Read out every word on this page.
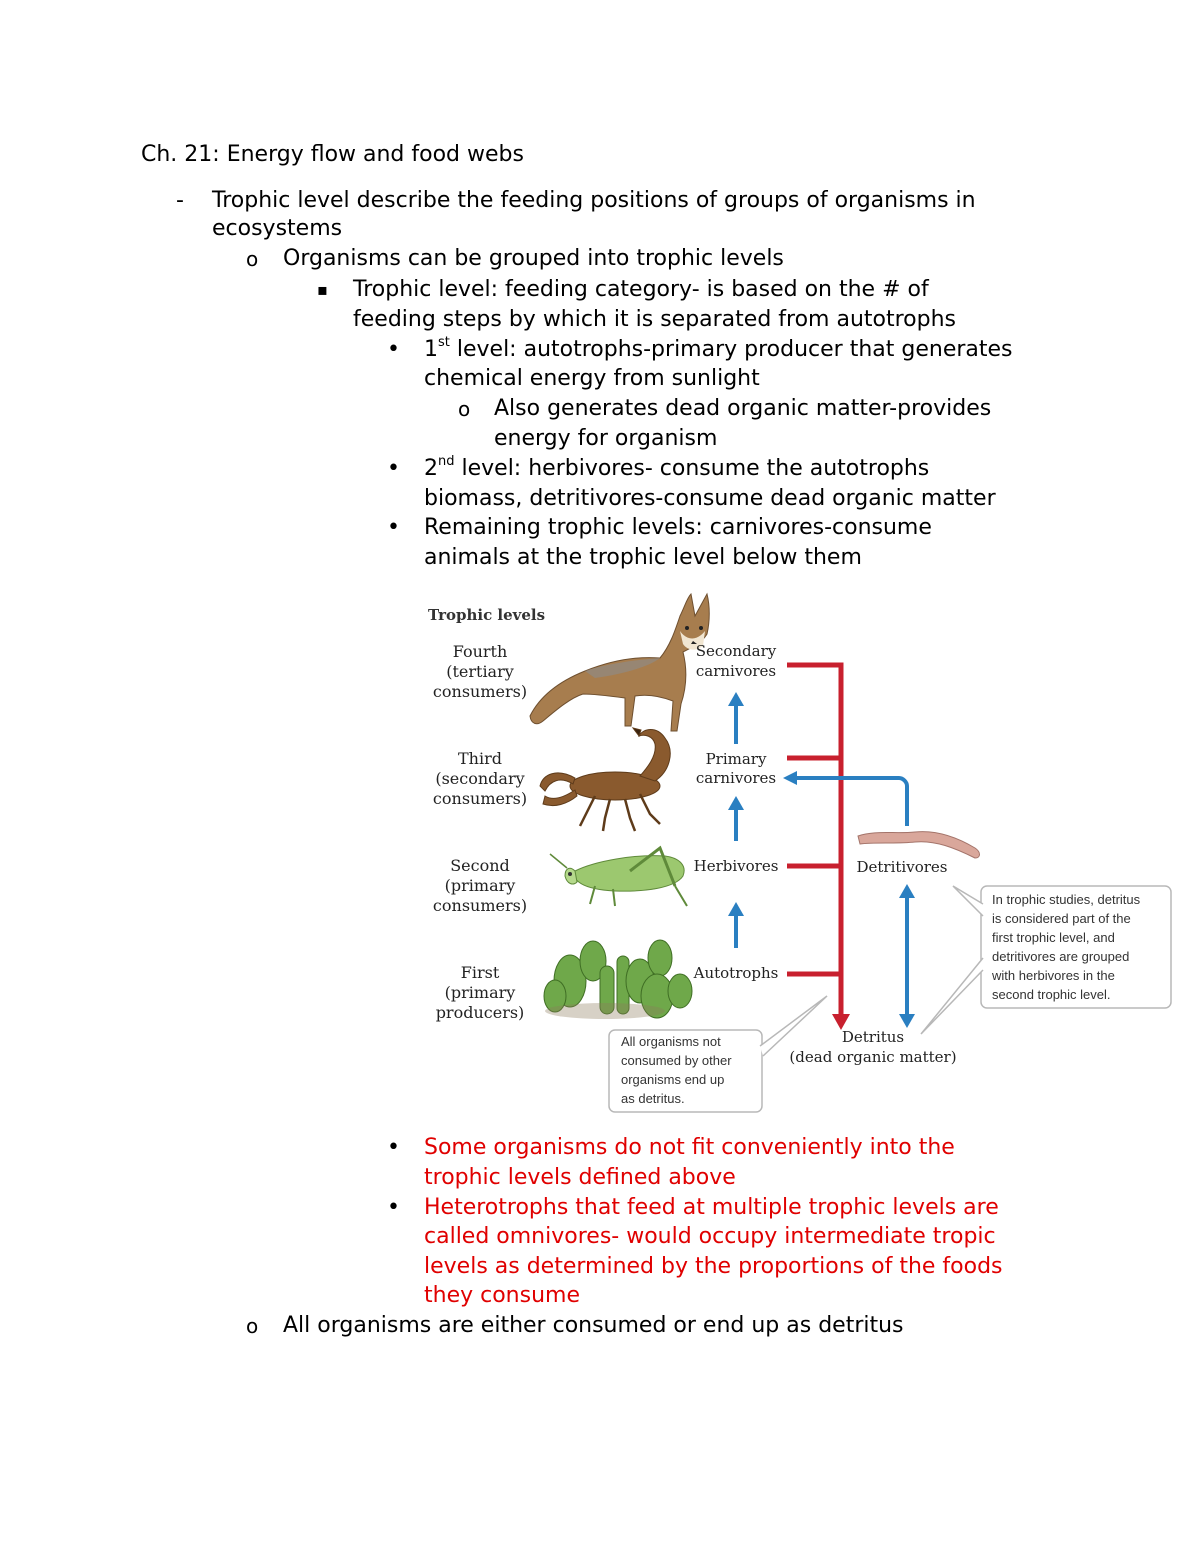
Ch. 21: Energy flow and food webs
- Trophic level describe the feeding positions of groups of organisms in
ecosystems
o Organisms can be grouped into trophic levels
▪ Trophic level: feeding category- is based on the # of
feeding steps by which it is separated from autotrophs
• 1st level: autotrophs-primary producer that generates
chemical energy from sunlight
o Also generates dead organic matter-provides
energy for organism
• 2nd level: herbivores- consume the autotrophs
biomass, detritivores-consume dead organic matter
• Remaining trophic levels: carnivores-consume
animals at the trophic level below them
Trophic levels
Fourth
(tertiary
consumers)
Third
(secondary
consumers)
Second
(primary
consumers)
First
(primary
producers)
Secondary
carnivores
Primary
carnivores
Herbivores
Autotrophs
Detritivores
Detritus
(dead organic matter)
All organisms not
consumed by other
organisms end up
as detritus.
In trophic studies, detritus
is considered part of the
first trophic level, and
detritivores are grouped
with herbivores in the
second trophic level.
• Some organisms do not fit conveniently into the
trophic levels defined above
• Heterotrophs that feed at multiple trophic levels are
called omnivores- would occupy intermediate tropic
levels as determined by the proportions of the foods
they consume
o All organisms are either consumed or end up as detritus
